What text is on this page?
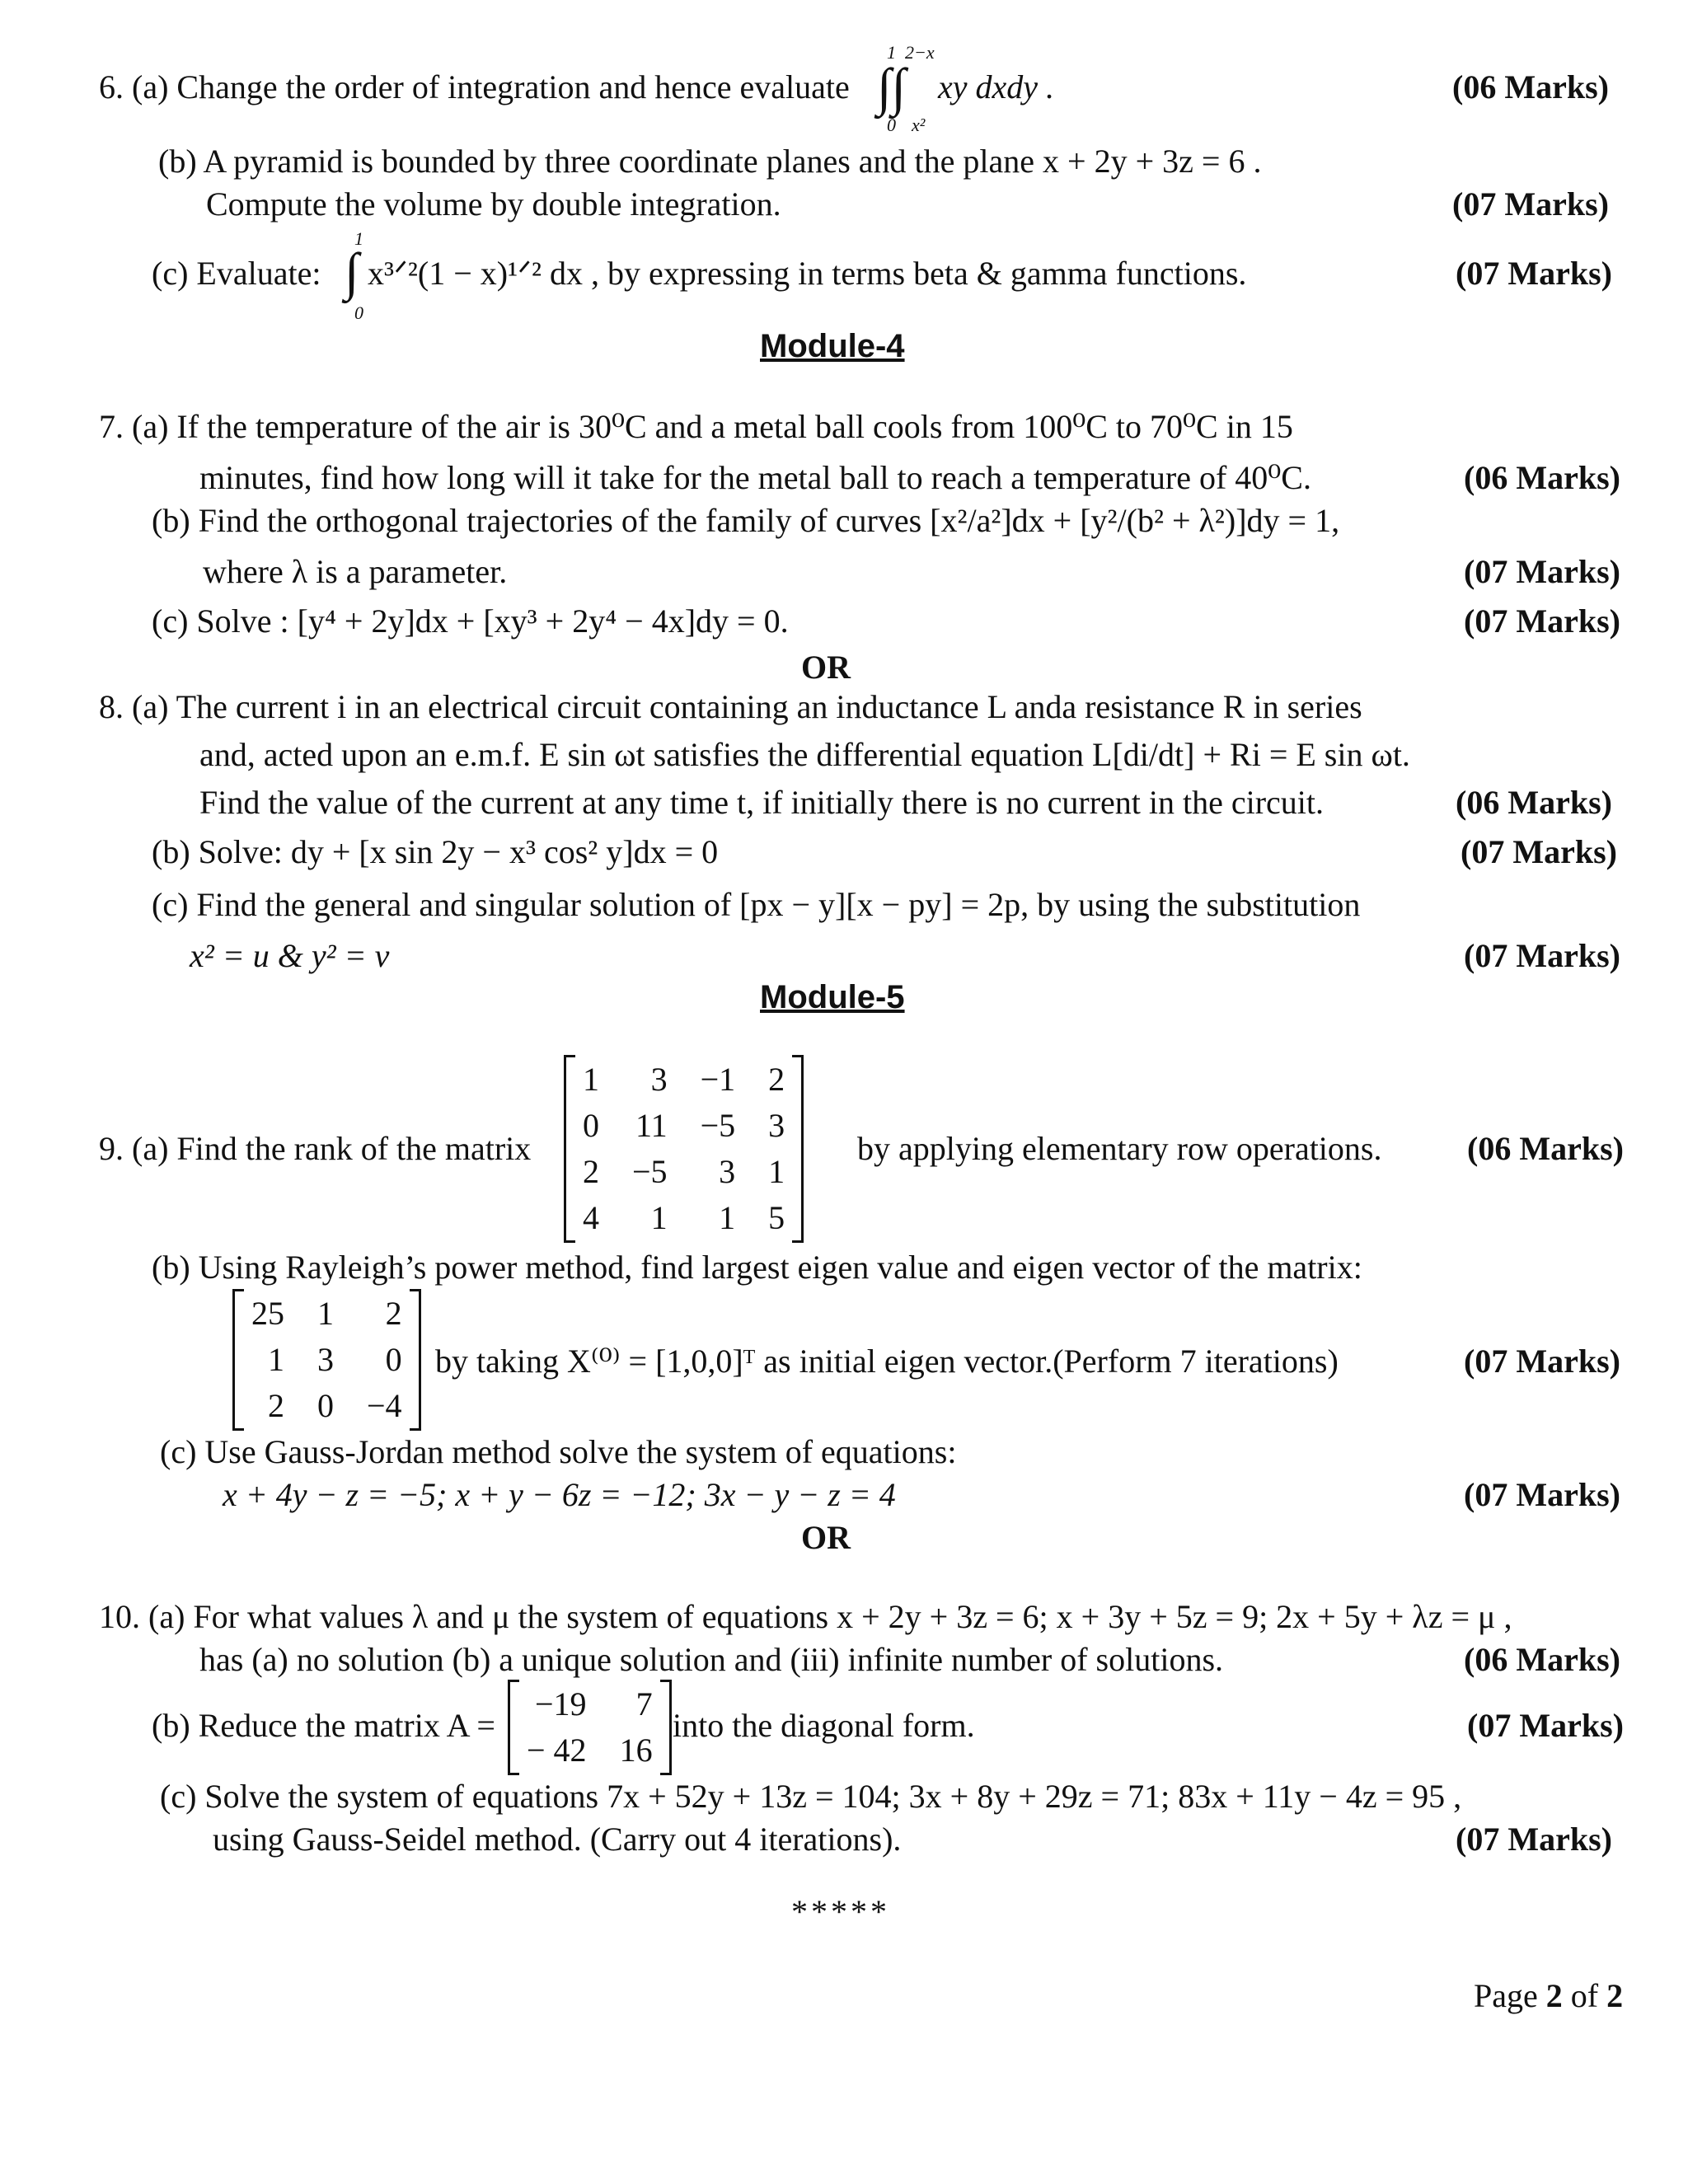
6. (a) Change the order of integration and hence evaluate
1 2−x
∫∫
0 x²
xy dxdy .	(06 Marks)
(b) A pyramid is bounded by three coordinate planes and the plane x + 2y + 3z = 6 .
Compute the volume by double integration.	(07 Marks)
(c) Evaluate:
1
∫
0
x³ᐟ²(1 − x)¹ᐟ² dx , by expressing in terms beta & gamma functions.	(07 Marks)
Module-4
7. (a) If the temperature of the air is 30⁰C and a metal ball cools from 100⁰C to 70⁰C in 15
minutes, find how long will it take for the metal ball to reach a temperature of 40⁰C.	(06 Marks)
(b) Find the orthogonal trajectories of the family of curves [x²/a²]dx + [y²/(b² + λ²)]dy = 1,
where λ is a parameter.	(07 Marks)
(c) Solve : [y⁴ + 2y]dx + [xy³ + 2y⁴ − 4x]dy = 0.	(07 Marks)
OR
8. (a) The current i in an electrical circuit containing an inductance L anda resistance R in series
and, acted upon an e.m.f. E sin ωt satisfies the differential equation L[di/dt] + Ri = E sin ωt.
Find the value of the current at any time t, if initially there is no current in the circuit.	(06 Marks)
(b) Solve: dy + [x sin 2y − x³ cos² y]dx = 0	(07 Marks)
(c) Find the general and singular solution of [px − y][x − py] = 2p, by using the substitution
x² = u & y² = v	(07 Marks)
Module-5
9. (a) Find the rank of the matrix
1	3	−1	2
0	11	−5	3
2	−5	3	1
4	1	1	5
by applying elementary row operations.	(06 Marks)
(b) Using Rayleigh’s power method, find largest eigen value and eigen vector of the matrix:
25	1	2
1	3	0
2	0	−4
by taking X⁽⁰⁾ = [1,0,0]ᵀ as initial eigen vector.(Perform 7 iterations)	(07 Marks)
(c) Use Gauss-Jordan method solve the system of equations:
x + 4y − z = −5; x + y − 6z = −12; 3x − y − z = 4	(07 Marks)
OR
10. (a) For what values λ and μ the system of equations x + 2y + 3z = 6; x + 3y + 5z = 9; 2x + 5y + λz = μ ,
has (a) no solution (b) a unique solution and (iii) infinite number of solutions.	(06 Marks)
(b) Reduce the matrix A =
−19	7
− 42	16
into the diagonal form.	(07 Marks)
(c) Solve the system of equations 7x + 52y + 13z = 104; 3x + 8y + 29z = 71; 83x + 11y − 4z = 95 ,
using Gauss-Seidel method. (Carry out 4 iterations).	(07 Marks)
*****
Page 2 of 2
